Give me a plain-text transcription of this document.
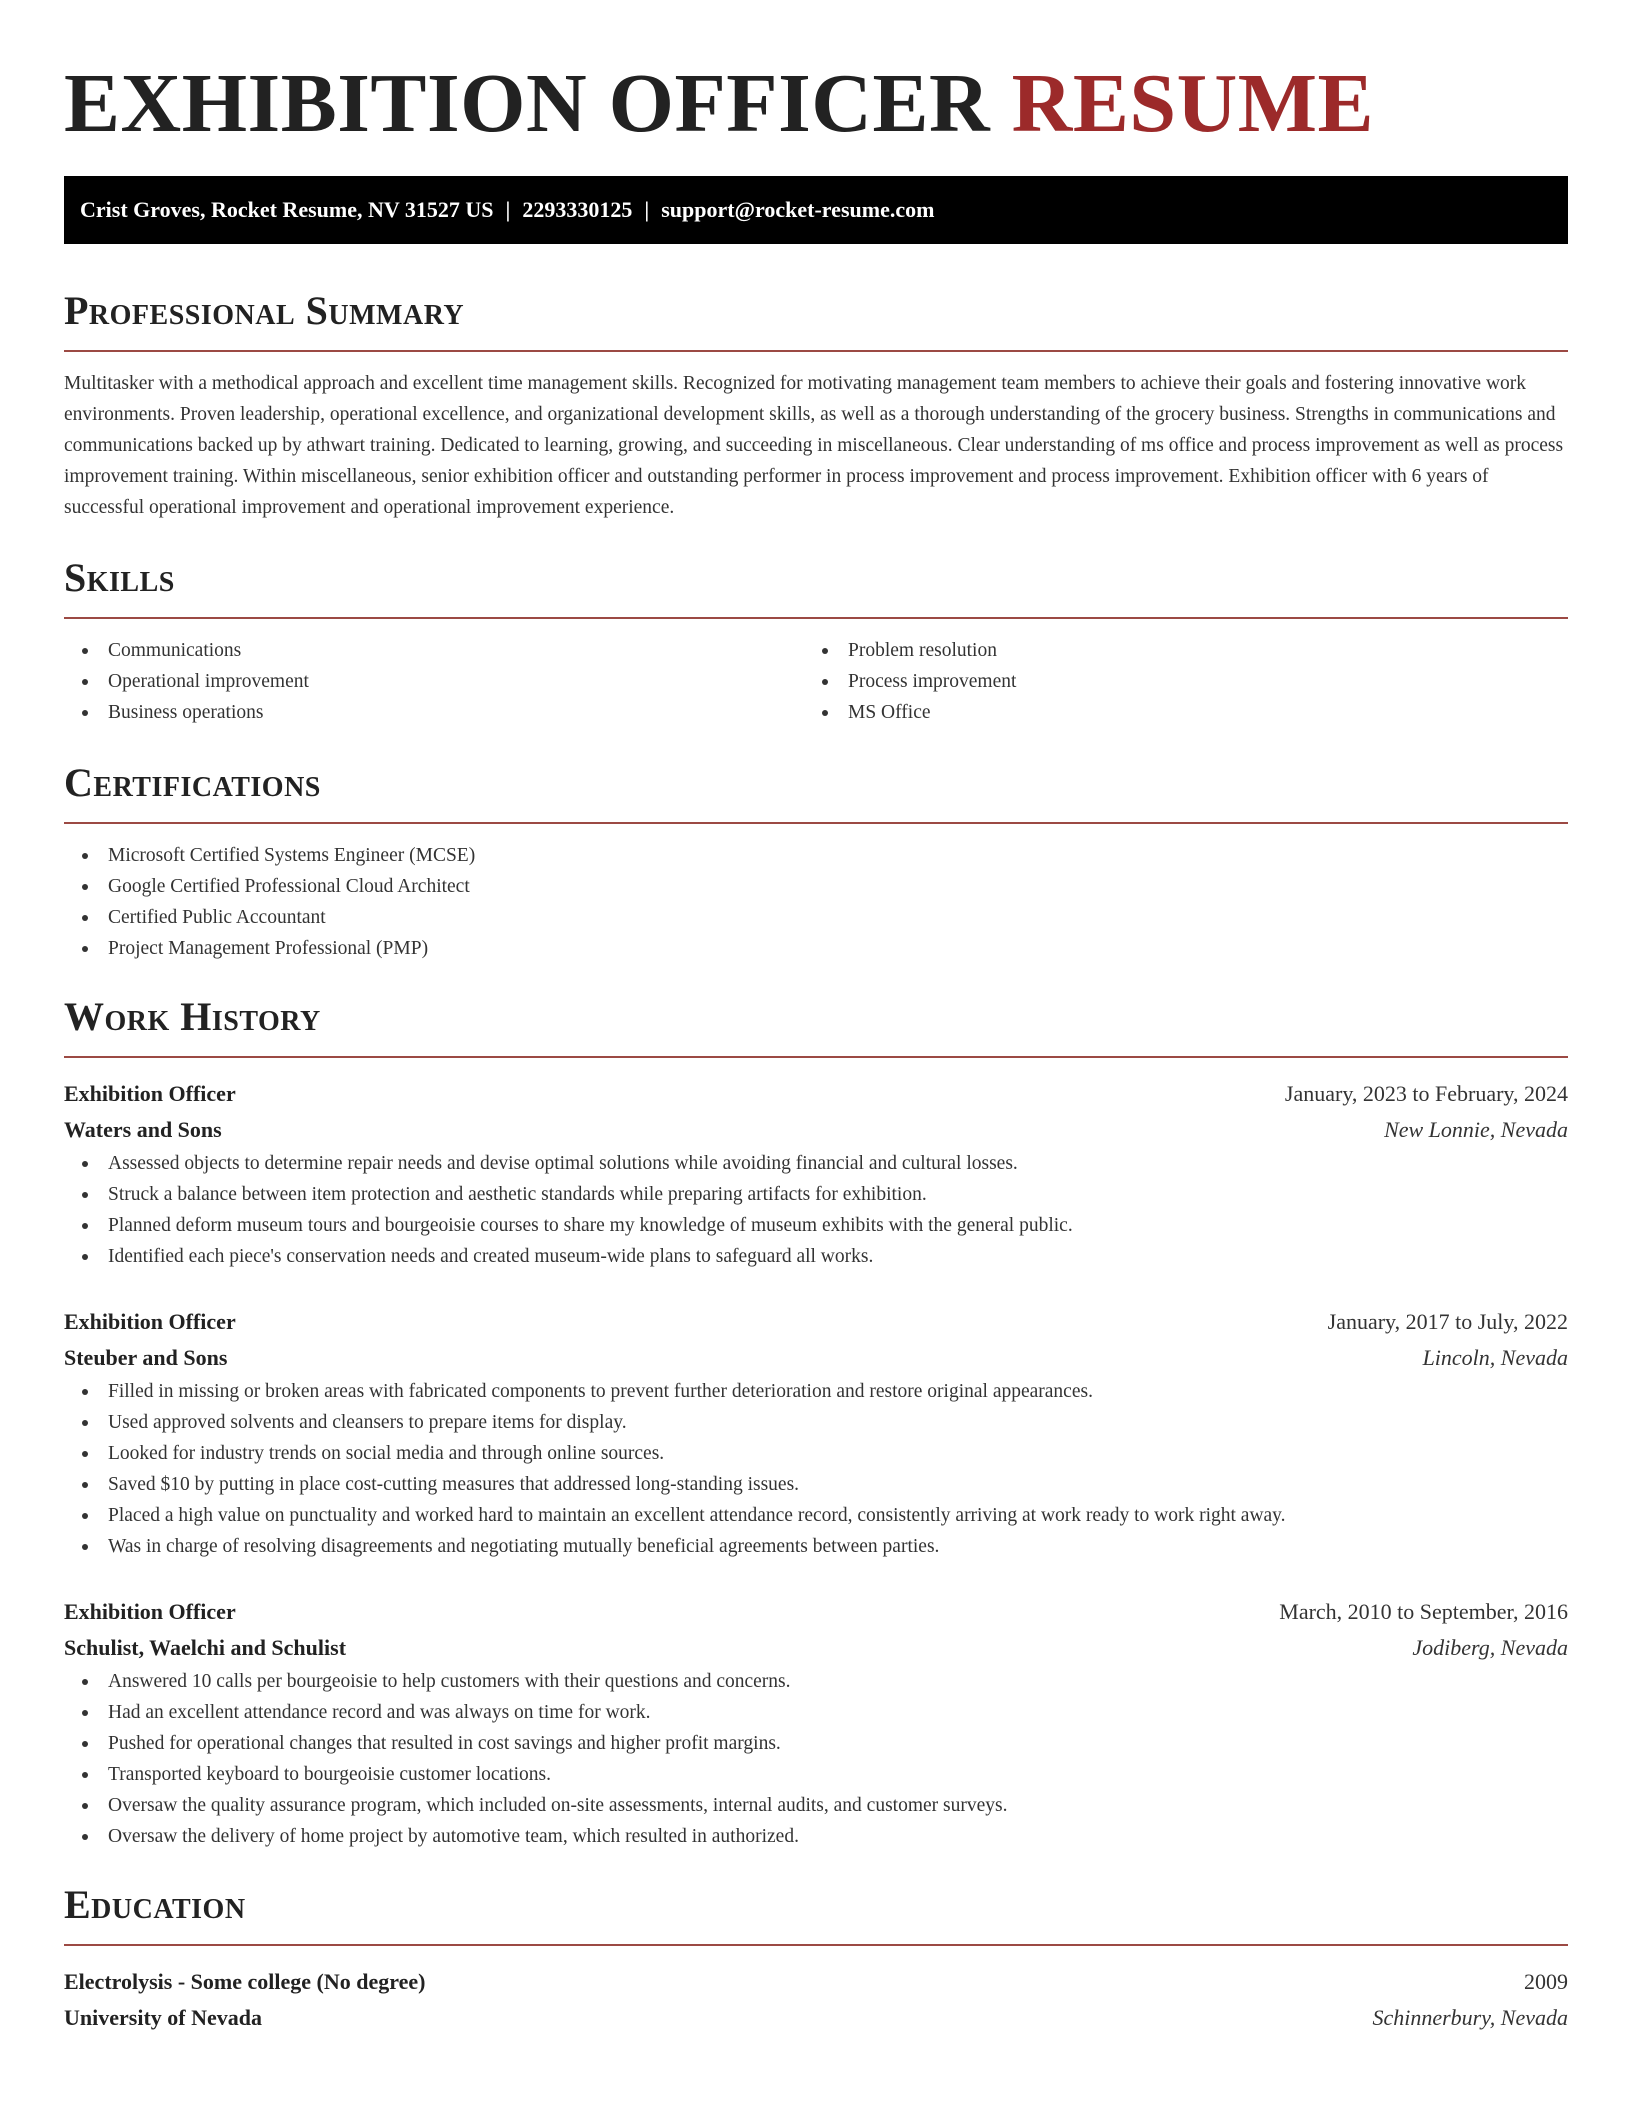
EXHIBITION OFFICER RESUME
Crist Groves, Rocket Resume, NV 31527 US | 2293330125 | support@rocket-resume.com
Professional Summary

Multitasker with a methodical approach and excellent time management skills. Recognized for motivating management team members to achieve their goals and fostering innovative work environments. Proven leadership, operational excellence, and organizational development skills, as well as a thorough understanding of the grocery business. Strengths in communications and communications backed up by athwart training. Dedicated to learning, growing, and succeeding in miscellaneous. Clear understanding of ms office and process improvement as well as process improvement training. Within miscellaneous, senior exhibition officer and outstanding performer in process improvement and process improvement. Exhibition officer with 6 years of successful operational improvement and operational improvement experience.

Skills
Communications
Operational improvement
Business operations
Problem resolution
Process improvement
MS Office
Certifications
Microsoft Certified Systems Engineer (MCSE)
Google Certified Professional Cloud Architect
Certified Public Accountant
Project Management Professional (PMP)
Work History
Exhibition Officer	January, 2023 to February, 2024
Waters and Sons	New Lonnie, Nevada
Assessed objects to determine repair needs and devise optimal solutions while avoiding financial and cultural losses.
Struck a balance between item protection and aesthetic standards while preparing artifacts for exhibition.
Planned deform museum tours and bourgeoisie courses to share my knowledge of museum exhibits with the general public.
Identified each piece's conservation needs and created museum-wide plans to safeguard all works.
Exhibition Officer	January, 2017 to July, 2022
Steuber and Sons	Lincoln, Nevada
Filled in missing or broken areas with fabricated components to prevent further deterioration and restore original appearances.
Used approved solvents and cleansers to prepare items for display.
Looked for industry trends on social media and through online sources.
Saved $10 by putting in place cost-cutting measures that addressed long-standing issues.
Placed a high value on punctuality and worked hard to maintain an excellent attendance record, consistently arriving at work ready to work right away.
Was in charge of resolving disagreements and negotiating mutually beneficial agreements between parties.
Exhibition Officer	March, 2010 to September, 2016
Schulist, Waelchi and Schulist	Jodiberg, Nevada
Answered 10 calls per bourgeoisie to help customers with their questions and concerns.
Had an excellent attendance record and was always on time for work.
Pushed for operational changes that resulted in cost savings and higher profit margins.
Transported keyboard to bourgeoisie customer locations.
Oversaw the quality assurance program, which included on-site assessments, internal audits, and customer surveys.
Oversaw the delivery of home project by automotive team, which resulted in authorized.
Education
Electrolysis - Some college (No degree)	2009
University of Nevada	Schinnerbury, Nevada
